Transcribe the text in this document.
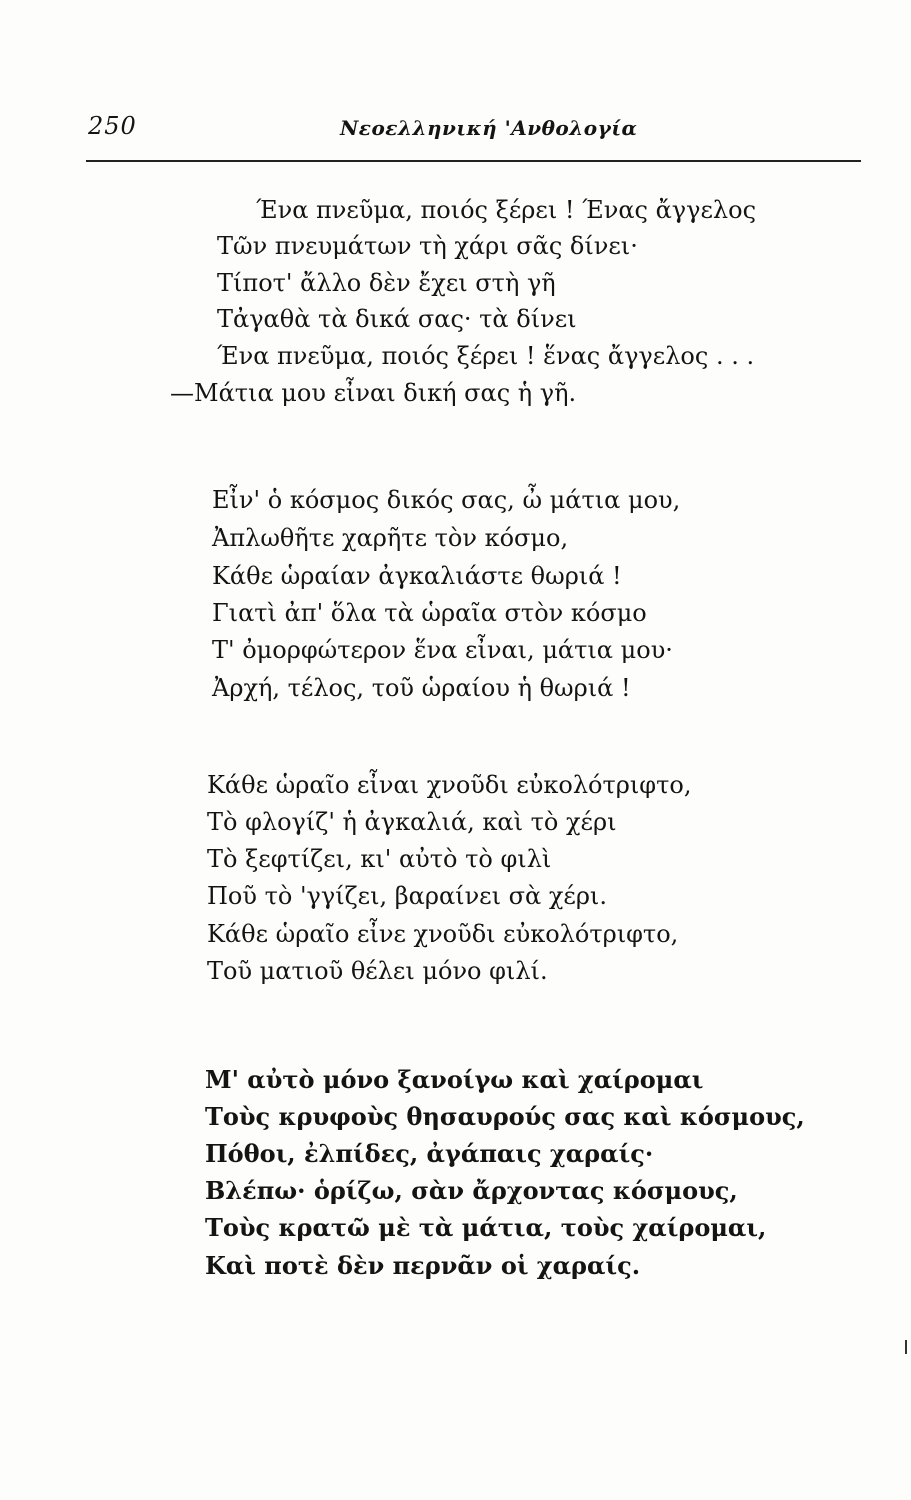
250	Νεοελληνική 'Ανθολογία
Ένα πνεῦμα, ποιός ξέρει ! Ένας ἄγγελος
Τῶν πνευμάτων τὴ χάρι σᾶς δίνει·
Τίποτ' ἄλλο δὲν ἔχει στὴ γῆ
Τἀγαθὰ τὰ δικά σας· τὰ δίνει
Ένα πνεῦμα, ποιός ξέρει ! ἕνας ἄγγελος . . .
—Μάτια μου εἶναι δική σας ἡ γῆ.
Εἶν' ὁ κόσμος δικός σας, ὦ μάτια μου,
Ἀπλωθῆτε χαρῆτε τὸν κόσμο,
Κάθε ὡραίαν ἀγκαλιάστε θωριά !
Γιατὶ ἀπ' ὅλα τὰ ὡραῖα στὸν κόσμο
Τ' ὀμορφώτερον ἕνα εἶναι, μάτια μου·
Ἀρχή, τέλος, τοῦ ὡραίου ἡ θωριά !
Κάθε ὡραῖο εἶναι χνοῦδι εὐκολότριφτο,
Τὸ φλογίζ' ἡ ἀγκαλιά, καὶ τὸ χέρι
Τὸ ξεφτίζει, κι' αὐτὸ τὸ φιλὶ
Ποῦ τὸ 'γγίζει, βαραίνει σὰ χέρι.
Κάθε ὡραῖο εἶνε χνοῦδι εὐκολότριφτο,
Τοῦ ματιοῦ θέλει μόνο φιλί.
Μ' αὐτὸ μόνο ξανοίγω καὶ χαίρομαι
Τοὺς κρυφοὺς θησαυρούς σας καὶ κόσμους,
Πόθοι, ἐλπίδες, ἀγάπαις χαραίς·
Βλέπω· ὁρίζω, σὰν ἄρχοντας κόσμους,
Τοὺς κρατῶ μὲ τὰ μάτια, τοὺς χαίρομαι,
Καὶ ποτὲ δὲν περνᾶν οἱ χαραίς.
